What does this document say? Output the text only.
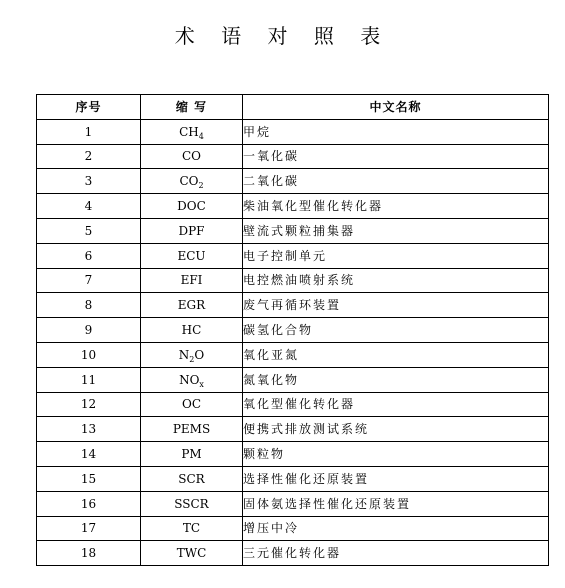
术 语 对 照 表
序号	缩 写	中文名称
1	$CH_4$	甲烷
2	CO	一氧化碳
3	$CO_2$	二氧化碳
4	DOC	柴油氧化型催化转化器
5	DPF	壁流式颗粒捕集器
6	ECU	电子控制单元
7	EFI	电控燃油喷射系统
8	EGR	废气再循环装置
9	HC	碳氢化合物
10	$N_2O$	氧化亚氮
11	$NO_x$	氮氧化物
12	OC	氧化型催化转化器
13	PEMS	便携式排放测试系统
14	PM	颗粒物
15	SCR	选择性催化还原装置
16	SSCR	固体氨选择性催化还原装置
17	TC	增压中冷
18	TWC	三元催化转化器
